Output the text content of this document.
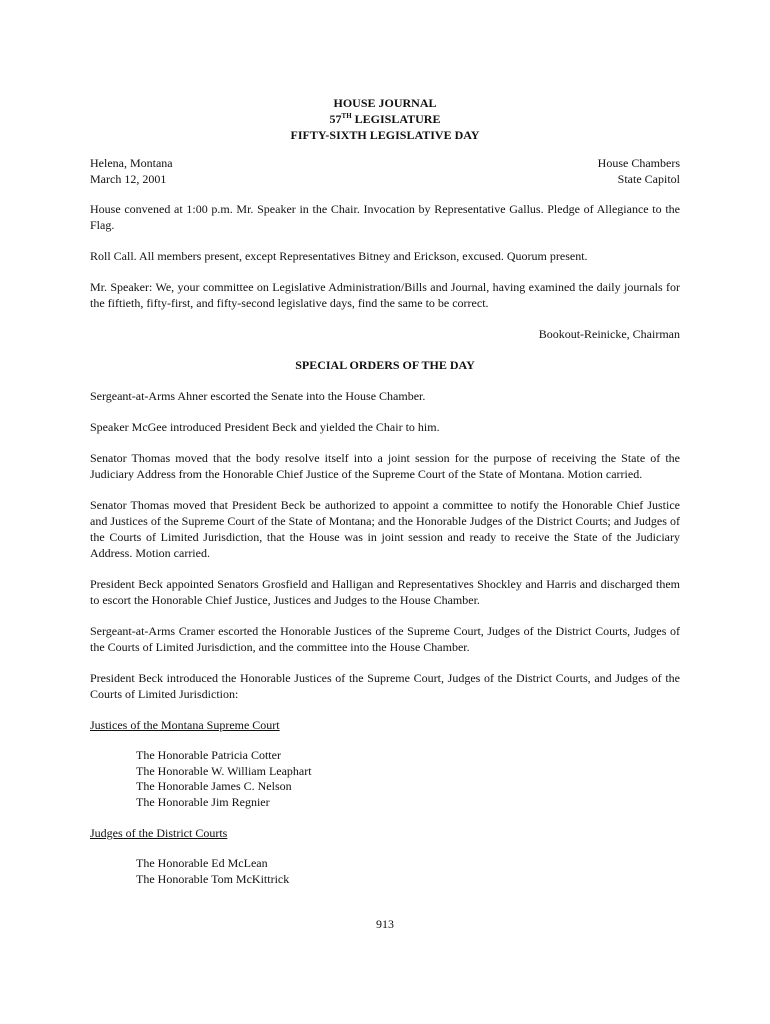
HOUSE JOURNAL
57TH LEGISLATURE
FIFTY-SIXTH LEGISLATIVE DAY
Helena, Montana
March 12, 2001
House Chambers
State Capitol

House convened at 1:00 p.m. Mr. Speaker in the Chair. Invocation by Representative Gallus. Pledge of Allegiance to the Flag.

Roll Call. All members present, except Representatives Bitney and Erickson, excused. Quorum present.

Mr. Speaker: We, your committee on Legislative Administration/Bills and Journal, having examined the daily journals for the fiftieth, fifty-first, and fifty-second legislative days, find the same to be correct.

Bookout-Reinicke, Chairman

SPECIAL ORDERS OF THE DAY

Sergeant-at-Arms Ahner escorted the Senate into the House Chamber.

Speaker McGee introduced President Beck and yielded the Chair to him.

Senator Thomas moved that the body resolve itself into a joint session for the purpose of receiving the State of the Judiciary Address from the Honorable Chief Justice of the Supreme Court of the State of Montana. Motion carried.

Senator Thomas moved that President Beck be authorized to appoint a committee to notify the Honorable Chief Justice and Justices of the Supreme Court of the State of Montana; and the Honorable Judges of the District Courts; and Judges of the Courts of Limited Jurisdiction, that the House was in joint session and ready to receive the State of the Judiciary Address. Motion carried.

President Beck appointed Senators Grosfield and Halligan and Representatives Shockley and Harris and discharged them to escort the Honorable Chief Justice, Justices and Judges to the House Chamber.

Sergeant-at-Arms Cramer escorted the Honorable Justices of the Supreme Court, Judges of the District Courts, Judges of the Courts of Limited Jurisdiction, and the committee into the House Chamber.

President Beck introduced the Honorable Justices of the Supreme Court, Judges of the District Courts, and Judges of the Courts of Limited Jurisdiction:

Justices of the Montana Supreme Court

The Honorable Patricia Cotter
The Honorable W. William Leaphart
The Honorable James C. Nelson
The Honorable Jim Regnier

Judges of the District Courts

The Honorable Ed McLean
The Honorable Tom McKittrick
913
